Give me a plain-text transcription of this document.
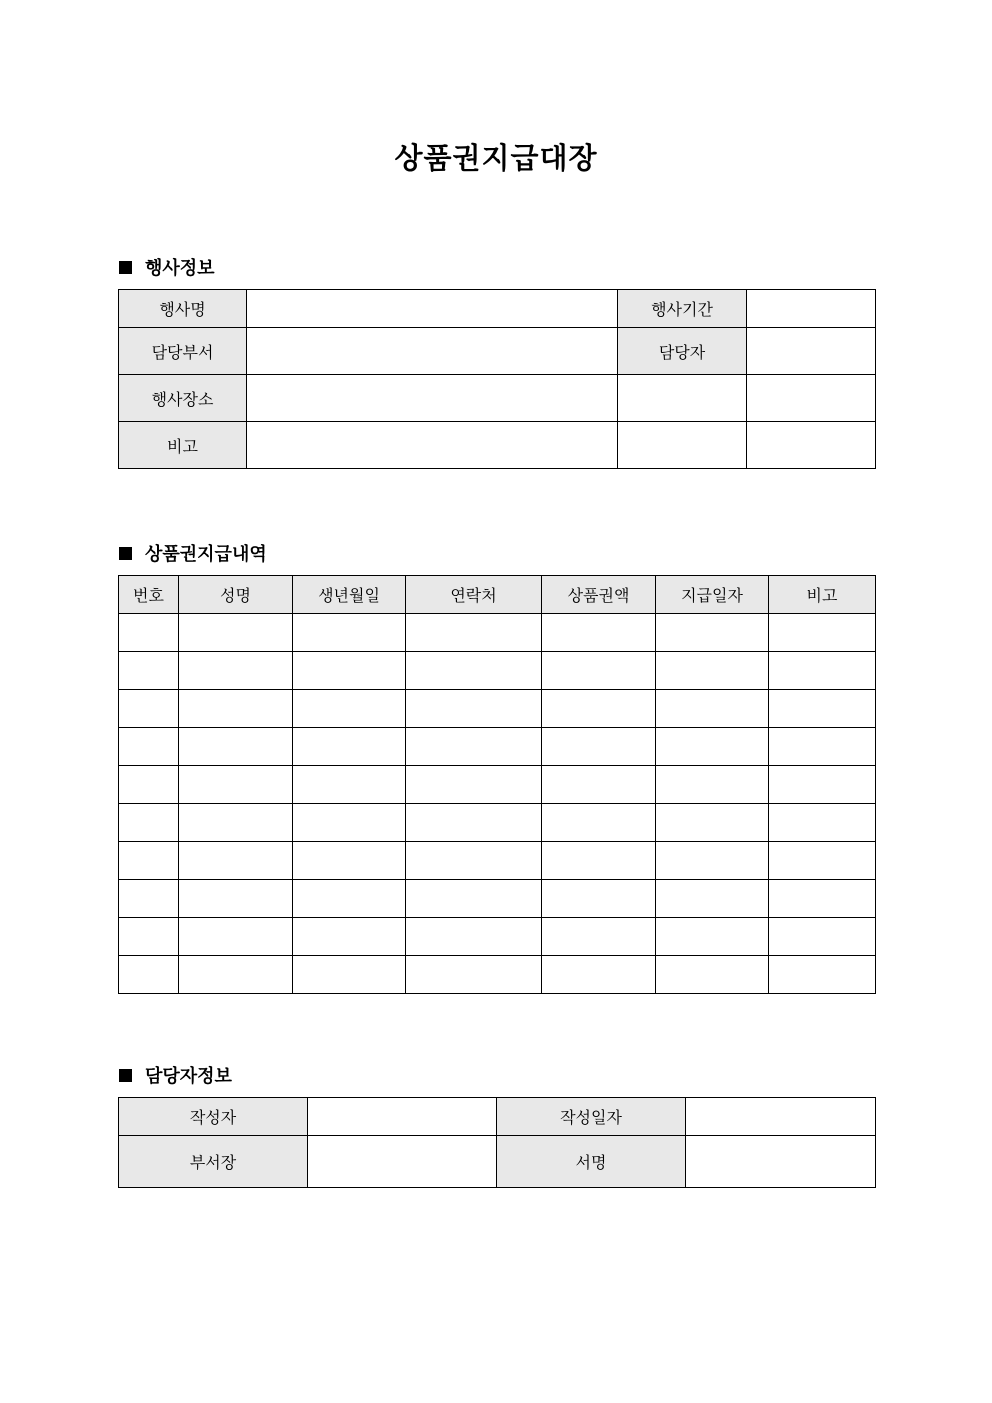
상품권지급대장
행사정보
행사명		행사기간	
담당부서		담당자	
행사장소			
비고			
상품권지급내역
번호	성명	생년월일	연락처	상품권액	지급일자	비고

담당자정보
작성자		작성일자	
부서장		서명	
